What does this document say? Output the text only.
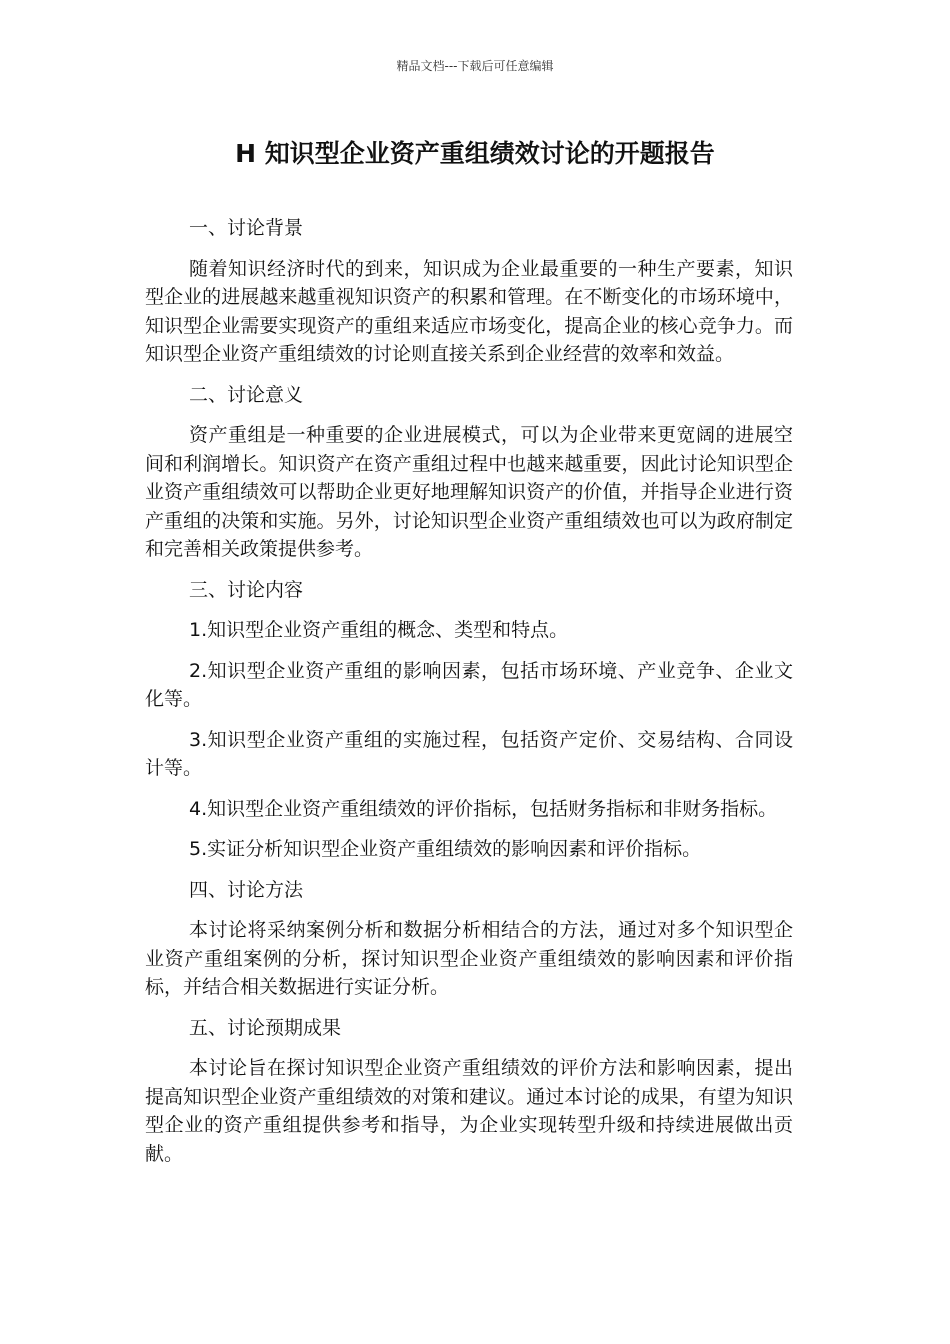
精品文档---下载后可任意编辑
H 知识型企业资产重组绩效讨论的开题报告

一、讨论背景

随着知识经济时代的到来，知识成为企业最重要的一种生产要素，知识型企业的进展越来越重视知识资产的积累和管理。在不断变化的市场环境中，知识型企业需要实现资产的重组来适应市场变化，提高企业的核心竞争力。而知识型企业资产重组绩效的讨论则直接关系到企业经营的效率和效益。

二、讨论意义

资产重组是一种重要的企业进展模式，可以为企业带来更宽阔的进展空间和利润增长。知识资产在资产重组过程中也越来越重要，因此讨论知识型企业资产重组绩效可以帮助企业更好地理解知识资产的价值，并指导企业进行资产重组的决策和实施。另外，讨论知识型企业资产重组绩效也可以为政府制定和完善相关政策提供参考。

三、讨论内容

1.知识型企业资产重组的概念、类型和特点。

2.知识型企业资产重组的影响因素，包括市场环境、产业竞争、企业文化等。

3.知识型企业资产重组的实施过程，包括资产定价、交易结构、合同设计等。

4.知识型企业资产重组绩效的评价指标，包括财务指标和非财务指标。

5.实证分析知识型企业资产重组绩效的影响因素和评价指标。

四、讨论方法

本讨论将采纳案例分析和数据分析相结合的方法，通过对多个知识型企业资产重组案例的分析，探讨知识型企业资产重组绩效的影响因素和评价指标，并结合相关数据进行实证分析。

五、讨论预期成果

本讨论旨在探讨知识型企业资产重组绩效的评价方法和影响因素，提出提高知识型企业资产重组绩效的对策和建议。通过本讨论的成果，有望为知识型企业的资产重组提供参考和指导，为企业实现转型升级和持续进展做出贡献。
